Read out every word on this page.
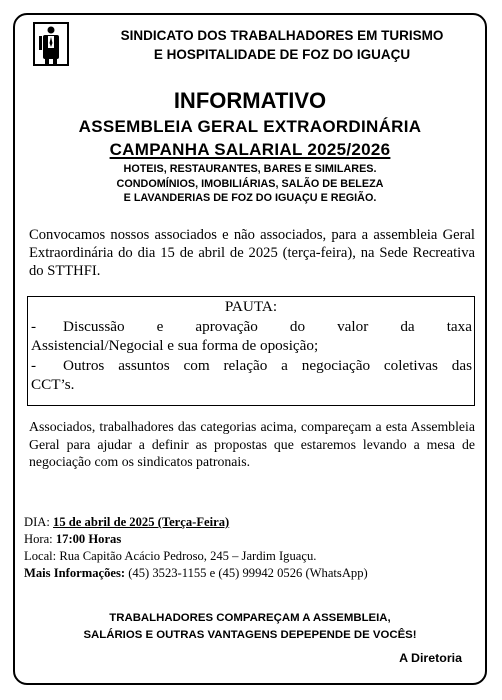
SINDICATO DOS TRABALHADORES EM TURISMO
E HOSPITALIDADE DE FOZ DO IGUAÇU
INFORMATIVO
ASSEMBLEIA GERAL EXTRAORDINÁRIA
CAMPANHA SALARIAL 2025/2026
HOTEIS, RESTAURANTES, BARES E SIMILARES.
CONDOMÍNIOS, IMOBILIÁRIAS, SALÃO DE BELEZA
E LAVANDERIAS DE FOZ DO IGUAÇU E REGIÃO.
Convocamos nossos associados e não associados, para a assembleia Geral Extraordinária do dia 15 de abril de 2025 (terça-feira), na Sede Recreativa do STTHFI.
PAUTA:
-	Discussão e aprovação do valor da taxa
Assistencial/Negocial e sua forma de oposição;
-	Outros assuntos com relação a negociação coletivas das
CCT’s.
Associados, trabalhadores das categorias acima, compareçam a esta Assembleia Geral para ajudar a definir as propostas que estaremos levando a mesa de negociação com os sindicatos patronais.
DIA: 15 de abril de 2025 (Terça-Feira)
Hora: 17:00 Horas
Local: Rua Capitão Acácio Pedroso, 245 – Jardim Iguaçu.
Mais Informações: (45) 3523-1155 e (45) 99942 0526 (WhatsApp)
TRABALHADORES COMPAREÇAM A ASSEMBLEIA,
SALÁRIOS E OUTRAS VANTAGENS DEPEPENDE DE VOCÊS!
A Diretoria
